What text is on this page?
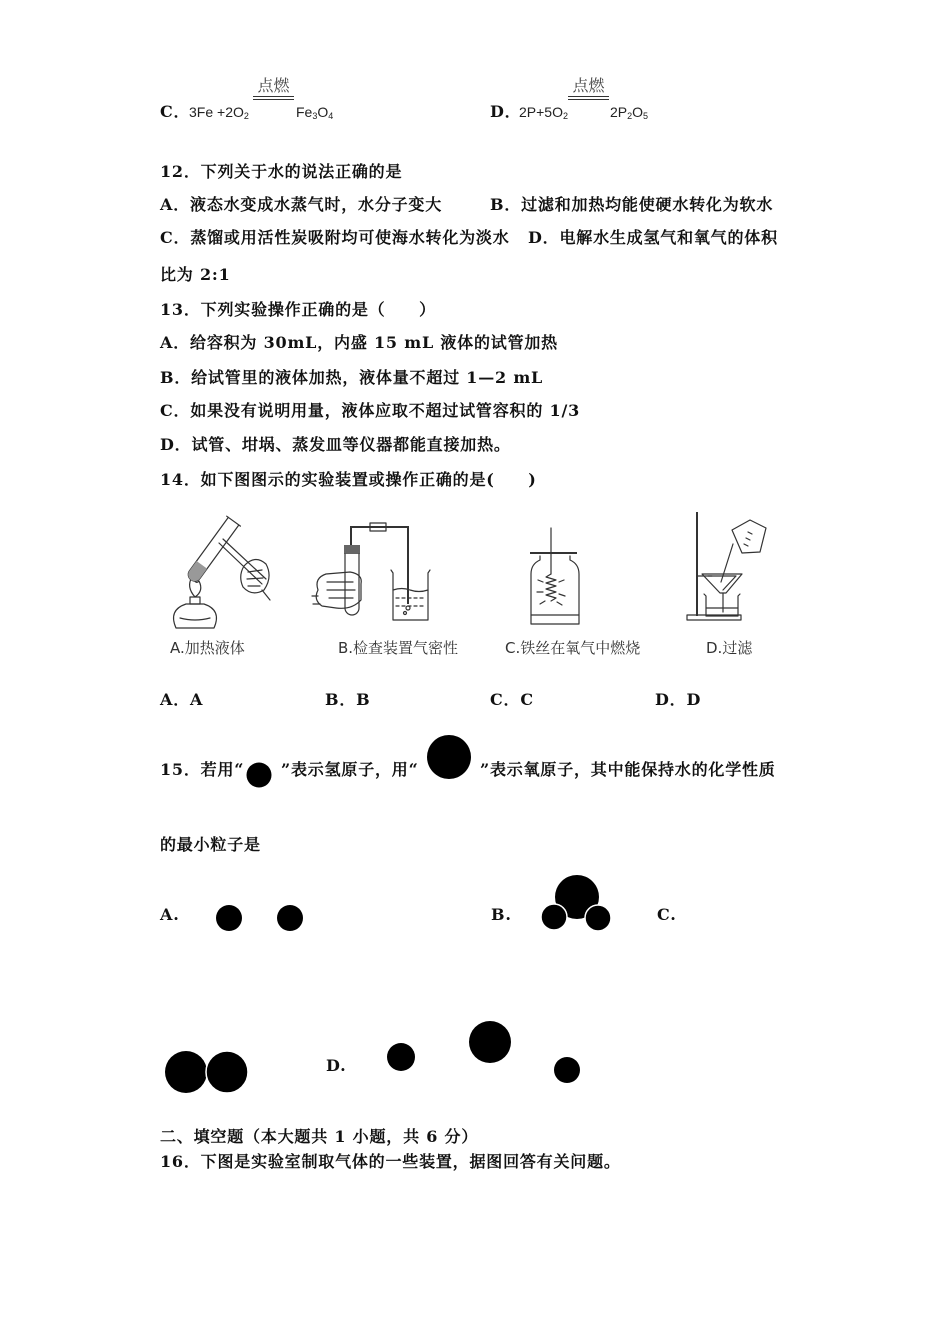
C．
$3Fe +2O_2$
点燃
$Fe_3O_4$	D．
$2P+5O_2$
点燃
$2P_2O_5$
12．下列关于水的说法正确的是
A．液态水变成水蒸气时，水分子变大	B．过滤和加热均能使硬水转化为软水
C．蒸馏或用活性炭吸附均可使海水转化为淡水 D．电解水生成氢气和氧气的体积
比为 2:1
13．下列实验操作正确的是（　　）
A．给容积为 30mL，内盛 15 mL 液体的试管加热
B．给试管里的液体加热，液体量不超过 1—2 mL
C．如果没有说明用量，液体应取不超过试管容积的 1/3
D．试管、坩埚、蒸发皿等仪器都能直接加热。
14．如下图图示的实验装置或操作正确的是(　　)
A.加热液体	B.检查装置气密性	C.铁丝在氧气中燃烧	D.过滤
A．A	B．B	C．C	D．D
15．若用“ ”表示氢原子，用“	”表示氧原子，其中能保持水的化学性质
的最小粒子是
A.	B.	C.
D.
二、填空题（本大题共 1 小题，共 6 分）
16．下图是实验室制取气体的一些装置，据图回答有关问题。
